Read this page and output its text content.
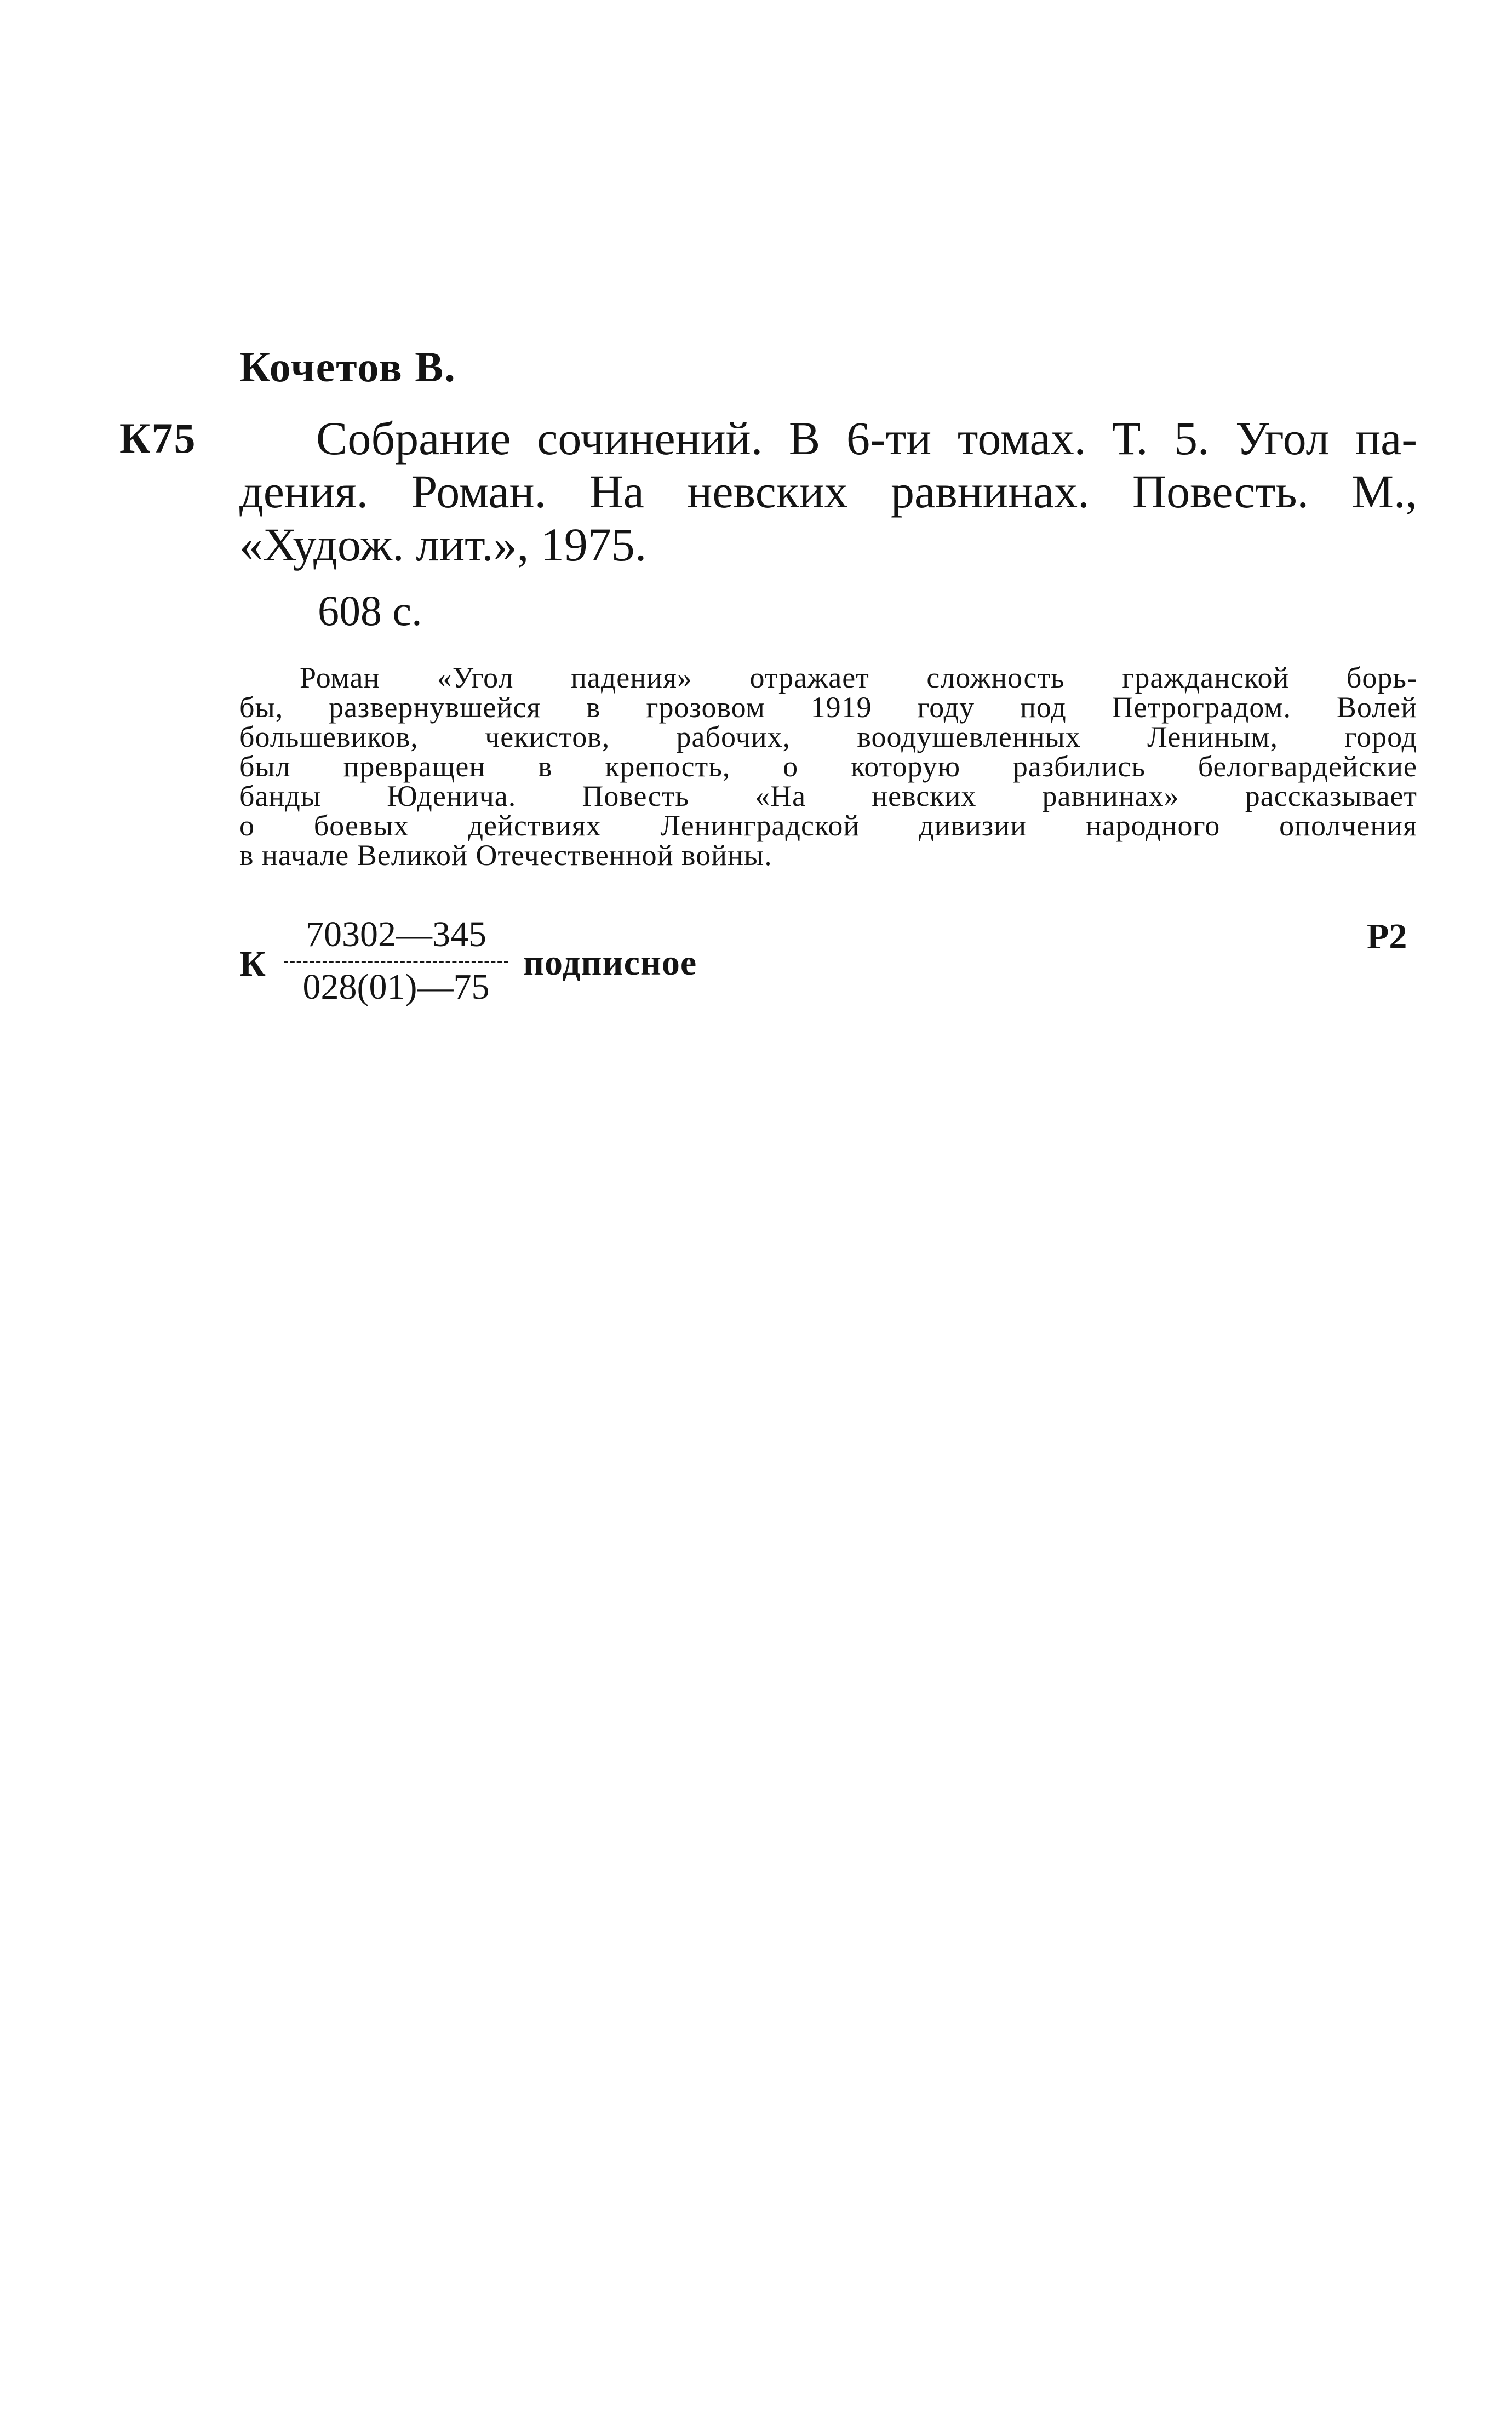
Кочетов В.
К75	Собрание сочинений. В 6-ти томах. Т. 5. Угол па-
дения. Роман. На невских равнинах. Повесть. М.,
«Худож. лит.», 1975.
608 с.
Роман «Угол падения» отражает сложность гражданской борь-
бы, развернувшейся в грозовом 1919 году под Петроградом. Волей
большевиков, чекистов, рабочих, воодушевленных Лениным, город
был превращен в крепость, о которую разбились белогвардейские
банды Юденича. Повесть «На невских равнинах» рассказывает
о боевых действиях Ленинградской дивизии народного ополчения
в начале Великой Отечественной войны.
К
70302—345
028(01)—75
подписное
Р2
